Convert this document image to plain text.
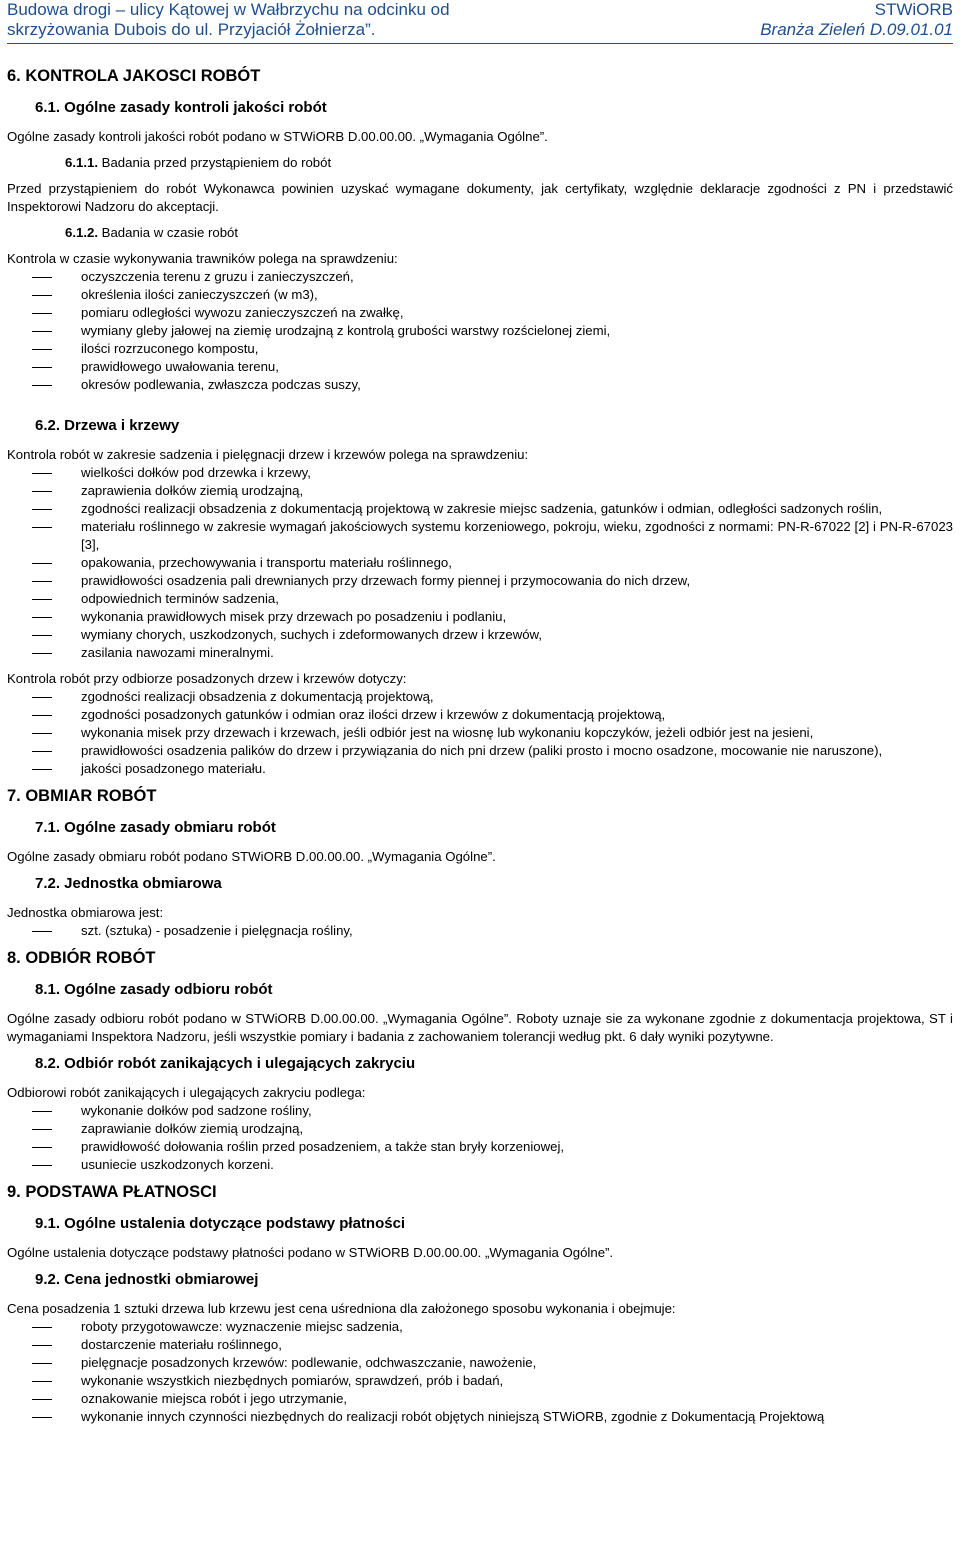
Budowa drogi – ulicy Kątowej w Wałbrzychu na odcinku od
skrzyżowania Dubois do ul. Przyjaciół Żołnierza”.
STWiORB
Branża Zieleń D.09.01.01
6. KONTROLA JAKOSCI ROBÓT
6.1. Ogólne zasady kontroli jakości robót

Ogólne zasady kontroli jakości robót podano w STWiORB D.00.00.00. „Wymagania Ogólne”.

6.1.1. Badania przed przystąpieniem do robót

Przed przystąpieniem do robót Wykonawca powinien uzyskać wymagane dokumenty, jak certyfikaty, względnie deklaracje zgodności z PN i przedstawić Inspektorowi Nadzoru do akceptacji.

6.1.2. Badania w czasie robót

Kontrola w czasie wykonywania trawników polega na sprawdzeniu:

oczyszczenia terenu z gruzu i zanieczyszczeń,
określenia ilości zanieczyszczeń (w m3),
pomiaru odległości wywozu zanieczyszczeń na zwałkę,
wymiany gleby jałowej na ziemię urodzajną z kontrolą grubości warstwy rozścielonej ziemi,
ilości rozrzuconego kompostu,
prawidłowego uwałowania terenu,
okresów podlewania, zwłaszcza podczas suszy,
6.2. Drzewa i krzewy

Kontrola robót w zakresie sadzenia i pielęgnacji drzew i krzewów polega na sprawdzeniu:

wielkości dołków pod drzewka i krzewy,
zaprawienia dołków ziemią urodzajną,
zgodności realizacji obsadzenia z dokumentacją projektową w zakresie miejsc sadzenia, gatunków i odmian, odległości sadzonych roślin,
materiału roślinnego w zakresie wymagań jakościowych systemu korzeniowego, pokroju, wieku, zgodności z normami: PN-R-67022 [2] i PN-R-67023 [3],
opakowania, przechowywania i transportu materiału roślinnego,
prawidłowości osadzenia pali drewnianych przy drzewach formy piennej i przymocowania do nich drzew,
odpowiednich terminów sadzenia,
wykonania prawidłowych misek przy drzewach po posadzeniu i podlaniu,
wymiany chorych, uszkodzonych, suchych i zdeformowanych drzew i krzewów,
zasilania nawozami mineralnymi.

Kontrola robót przy odbiorze posadzonych drzew i krzewów dotyczy:

zgodności realizacji obsadzenia z dokumentacją projektową,
zgodności posadzonych gatunków i odmian oraz ilości drzew i krzewów z dokumentacją projektową,
wykonania misek przy drzewach i krzewach, jeśli odbiór jest na wiosnę lub wykonaniu kopczyków, jeżeli odbiór jest na jesieni,
prawidłowości osadzenia palików do drzew i przywiązania do nich pni drzew (paliki prosto i mocno osadzone, mocowanie nie naruszone),
jakości posadzonego materiału.
7. OBMIAR ROBÓT
7.1. Ogólne zasady obmiaru robót

Ogólne zasady obmiaru robót podano STWiORB D.00.00.00. „Wymagania Ogólne”.

7.2. Jednostka obmiarowa

Jednostka obmiarowa jest:

szt. (sztuka) - posadzenie i pielęgnacja rośliny,
8. ODBIÓR ROBÓT
8.1. Ogólne zasady odbioru robót

Ogólne zasady odbioru robót podano w STWiORB D.00.00.00. „Wymagania Ogólne”. Roboty uznaje sie za wykonane zgodnie z dokumentacja projektowa, ST i wymaganiami Inspektora Nadzoru, jeśli wszystkie pomiary i badania z zachowaniem tolerancji według pkt. 6 dały wyniki pozytywne.

8.2. Odbiór robót zanikających i ulegających zakryciu

Odbiorowi robót zanikających i ulegających zakryciu podlega:

wykonanie dołków pod sadzone rośliny,
zaprawianie dołków ziemią urodzajną,
prawidłowość dołowania roślin przed posadzeniem, a także stan bryły korzeniowej,
usuniecie uszkodzonych korzeni.
9. PODSTAWA PŁATNOSCI
9.1. Ogólne ustalenia dotyczące podstawy płatności

Ogólne ustalenia dotyczące podstawy płatności podano w STWiORB D.00.00.00. „Wymagania Ogólne”.

9.2. Cena jednostki obmiarowej

Cena posadzenia 1 sztuki drzewa lub krzewu jest cena uśredniona dla założonego sposobu wykonania i obejmuje:

roboty przygotowawcze: wyznaczenie miejsc sadzenia,
dostarczenie materiału roślinnego,
pielęgnacje posadzonych krzewów: podlewanie, odchwaszczanie, nawożenie,
wykonanie wszystkich niezbędnych pomiarów, sprawdzeń, prób i badań,
oznakowanie miejsca robót i jego utrzymanie,
wykonanie innych czynności niezbędnych do realizacji robót objętych niniejszą STWiORB, zgodnie z Dokumentacją Projektową
